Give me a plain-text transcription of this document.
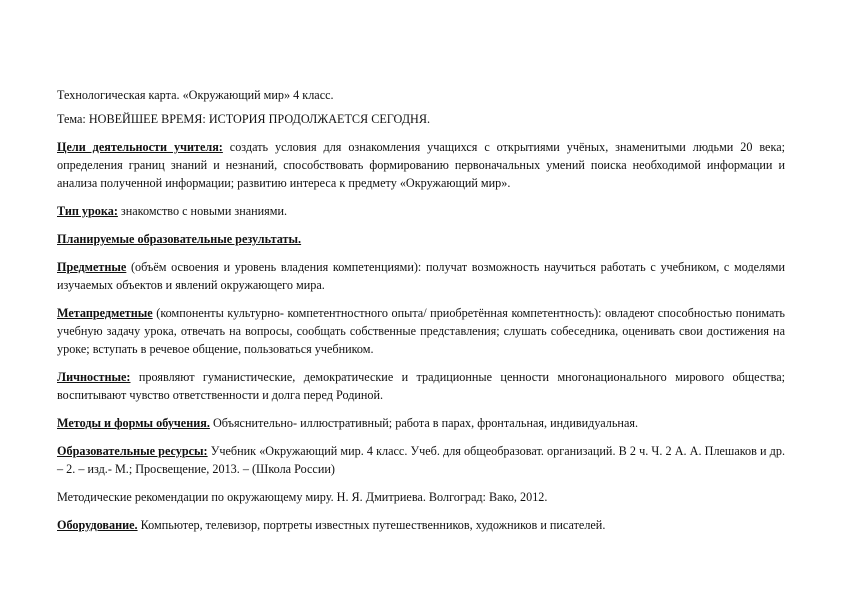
Технологическая карта. «Окружающий мир» 4 класс.

Тема: НОВЕЙШЕЕ ВРЕМЯ: ИСТОРИЯ ПРОДОЛЖАЕТСЯ СЕГОДНЯ.

Цели деятельности учителя: создать условия для ознакомления учащихся с открытиями учёных, знаменитыми людьми 20 века; определения границ знаний и незнаний, способствовать формированию первоначальных умений поиска необходимой информации и анализа полученной информации; развитию интереса к предмету «Окружающий мир».

Тип урока: знакомство с новыми знаниями.

Планируемые образовательные результаты.

Предметные (объём освоения и уровень владения компетенциями): получат возможность научиться работать с учебником, с моделями изучаемых объектов и явлений окружающего мира.

Метапредметные (компоненты культурно- компетентностного опыта/ приобретённая компетентность): овладеют способностью понимать учебную задачу урока, отвечать на вопросы, сообщать собственные представления; слушать собеседника, оценивать свои достижения на уроке; вступать в речевое общение, пользоваться учебником.

Личностные: проявляют гуманистические, демократические и традиционные ценности многонационального мирового общества; воспитывают чувство ответственности и долга перед Родиной.

Методы и формы обучения. Объяснительно- иллюстративный; работа в парах, фронтальная, индивидуальная.

Образовательные ресурсы: Учебник «Окружающий мир. 4 класс. Учеб. для общеобразоват. организаций. В 2 ч. Ч. 2 А. А. Плешаков и др. – 2. – изд.- М.; Просвещение, 2013. – (Школа России)

Методические рекомендации по окружающему миру. Н. Я. Дмитриева. Волгоград: Вако, 2012.

Оборудование. Компьютер, телевизор, портреты известных путешественников, художников и писателей.
